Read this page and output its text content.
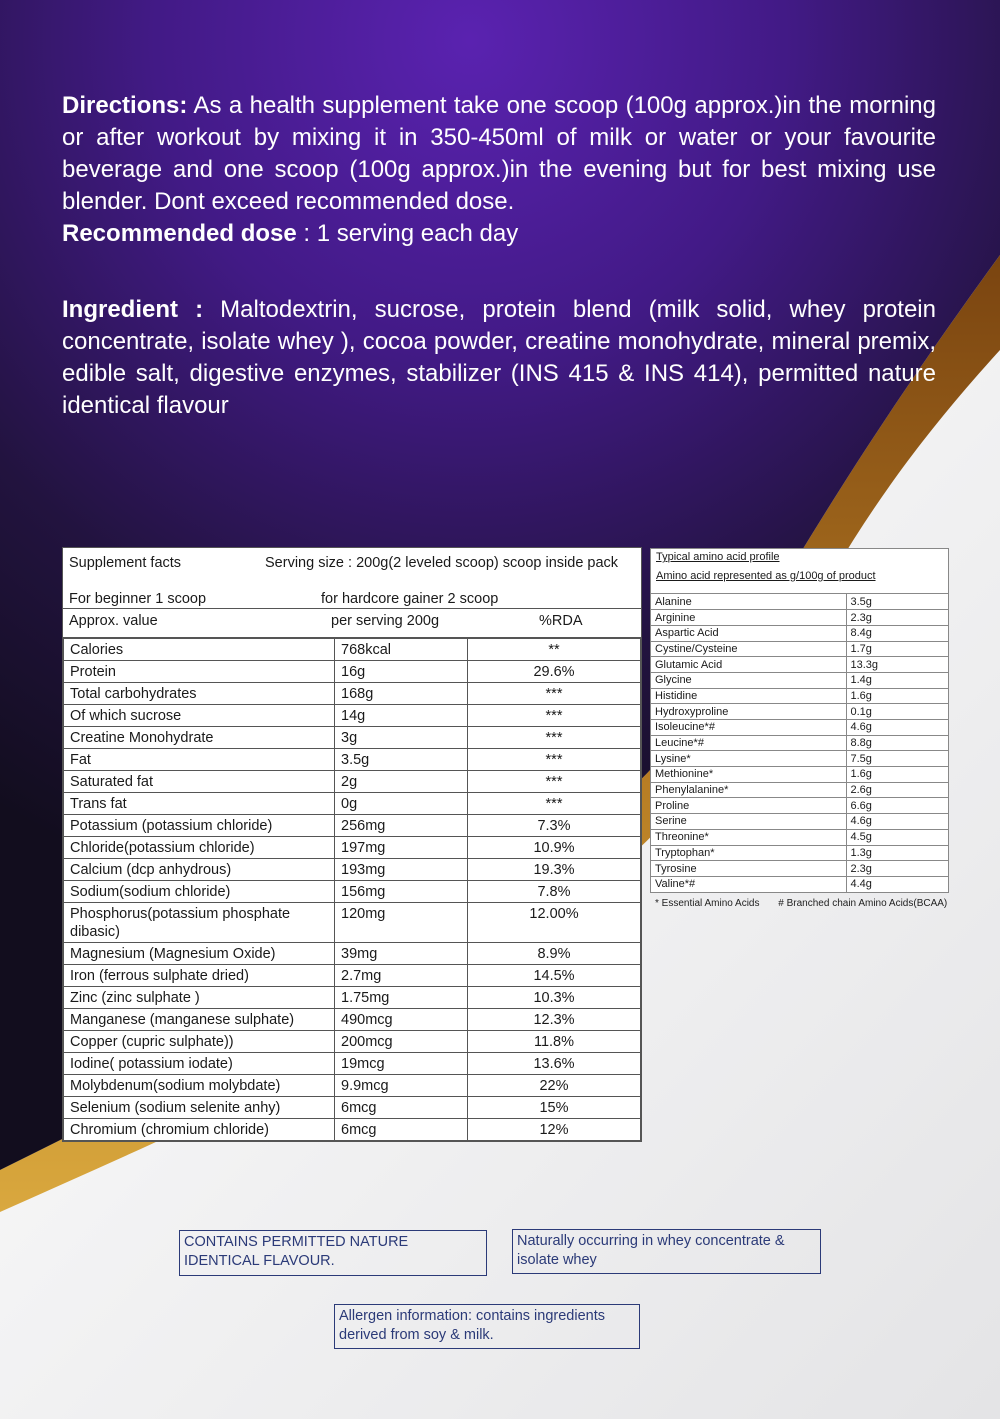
Directions: As a health supplement take one scoop (100g approx.)in the morning or after workout by mixing it in 350-450ml of milk or water or your favourite beverage and one scoop (100g approx.)in the evening but for best mixing use blender. Dont exceed recommended dose.
Recommended dose : 1 serving each day
Ingredient : Maltodextrin, sucrose, protein blend (milk solid, whey protein concentrate, isolate whey ), cocoa powder, creatine monohydrate, mineral premix, edible salt, digestive enzymes, stabilizer (INS 415 & INS 414), permitted nature identical flavour
Supplement facts	Serving size : 200g(2 leveled scoop) scoop inside pack
For beginner 1 scoop	for hardcore gainer 2 scoop
Approx. value	per serving 200g	%RDA
Calories	768kcal	**
Protein	16g	29.6%
Total carbohydrates	168g	***
Of which sucrose	14g	***
Creatine Monohydrate	3g	***
Fat	3.5g	***
Saturated fat	2g	***
Trans fat	0g	***
Potassium (potassium chloride)	256mg	7.3%
Chloride(potassium chloride)	197mg	10.9%
Calcium (dcp anhydrous)	193mg	19.3%
Sodium(sodium chloride)	156mg	7.8%
Phosphorus(potassium phosphate dibasic)	120mg	12.00%
Magnesium (Magnesium Oxide)	39mg	8.9%
Iron (ferrous sulphate dried)	2.7mg	14.5%
Zinc (zinc sulphate )	1.75mg	10.3%
Manganese (manganese sulphate)	490mcg	12.3%
Copper (cupric sulphate))	200mcg	11.8%
Iodine( potassium iodate)	19mcg	13.6%
Molybdenum(sodium molybdate)	9.9mcg	22%
Selenium (sodium selenite anhy)	6mcg	15%
Chromium (chromium chloride)	6mcg	12%
Typical amino acid profile
Amino acid represented as g/100g of product
Alanine	3.5g
Arginine	2.3g
Aspartic Acid	8.4g
Cystine/Cysteine	1.7g
Glutamic Acid	13.3g
Glycine	1.4g
Histidine	1.6g
Hydroxyproline	0.1g
Isoleucine*#	4.6g
Leucine*#	8.8g
Lysine*	7.5g
Methionine*	1.6g
Phenylalanine*	2.6g
Proline	6.6g
Serine	4.6g
Threonine*	4.5g
Tryptophan*	1.3g
Tyrosine	2.3g
Valine*#	4.4g
* Essential Amino Acids # Branched chain Amino Acids(BCAA)
CONTAINS PERMITTED NATURE IDENTICAL FLAVOUR.
Naturally occurring in whey concentrate & isolate whey
Allergen information: contains ingredients derived from soy & milk.
